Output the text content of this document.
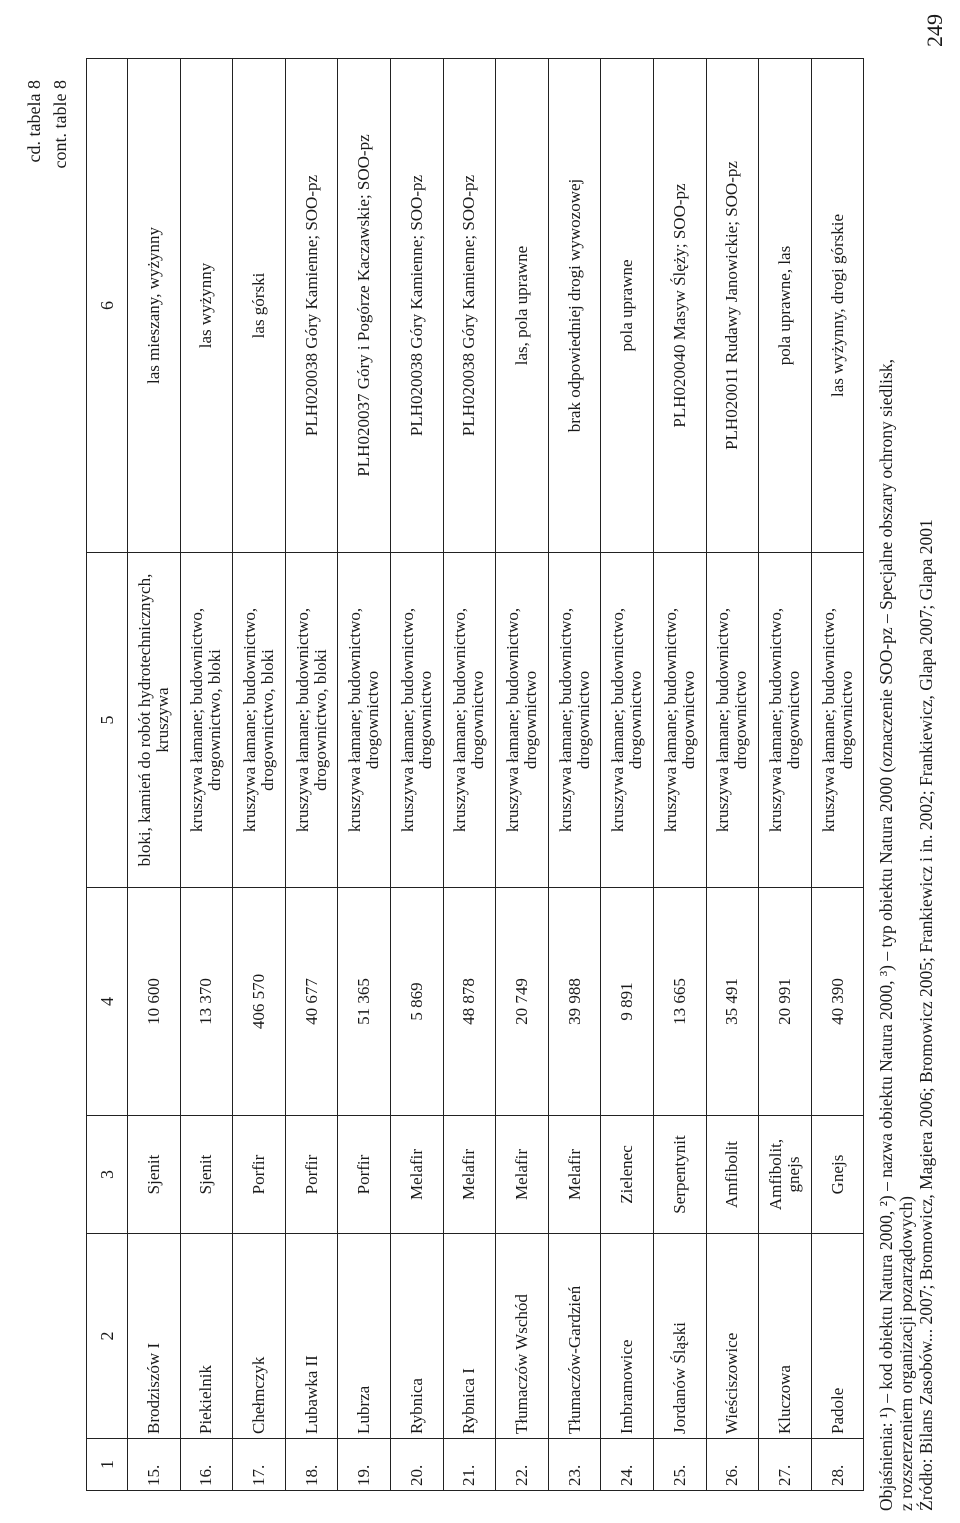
249
cd. tabela 8 cont. table 8
1	2	3	4	5	6
15.	Brodziszów I	Sjenit	10 600	bloki, kamień do robót hydrotechnicznych, kruszywa	las mieszany, wyżynny
16.	Piekielnik	Sjenit	13 370	kruszywa łamane; budownictwo, drogownictwo, bloki	las wyżynny
17.	Chełmczyk	Porfir	406 570	kruszywa łamane; budownictwo, drogownictwo, bloki	las górski
18.	Lubawka II	Porfir	40 677	kruszywa łamane; budownictwo, drogownictwo, bloki	PLH020038 Góry Kamienne; SOO-pz
19.	Lubrza	Porfir	51 365	kruszywa łamane; budownictwo, drogownictwo	PLH020037 Góry i Pogórze Kaczawskie; SOO-pz
20.	Rybnica	Melafir	5 869	kruszywa łamane; budownictwo, drogownictwo	PLH020038 Góry Kamienne; SOO-pz
21.	Rybnica I	Melafir	48 878	kruszywa łamane; budownictwo, drogownictwo	PLH020038 Góry Kamienne; SOO-pz
22.	Tłumaczów Wschód	Melafir	20 749	kruszywa łamane; budownictwo, drogownictwo	las, pola uprawne
23.	Tłumaczów-Gardzień	Melafir	39 988	kruszywa łamane; budownictwo, drogownictwo	brak odpowiedniej drogi wywozowej
24.	Imbramowice	Zielenec	9 891	kruszywa łamane; budownictwo, drogownictwo	pola uprawne
25.	Jordanów Śląski	Serpentynit	13 665	kruszywa łamane; budownictwo, drogownictwo	PLH020040 Masyw Ślęży; SOO-pz
26.	Wieściszowice	Amfibolit	35 491	kruszywa łamane; budownictwo, drogownictwo	PLH020011 Rudawy Janowickie; SOO-pz
27.	Kluczowa	Amfibolit, gnejs	20 991	kruszywa łamane; budownictwo, drogownictwo	pola uprawne, las
28.	Padole	Gnejs	40 390	kruszywa łamane; budownictwo, drogownictwo	las wyżynny, drogi górskie

Objaśnienia: ¹) – kod obiektu Natura 2000, ²) – nazwa obiektu Natura 2000, ³) – typ obiektu Natura 2000 (oznaczenie SOO-pz – Specjalne obszary ochrony siedlisk, z rozszerzeniem organizacji pozarządowych) Źródło: Bilans Zasobów... 2007; Bromowicz, Magiera 2006; Bromowicz 2005; Frankiewicz i in. 2002; Frankiewicz, Glapa 2007; Glapa 2001
